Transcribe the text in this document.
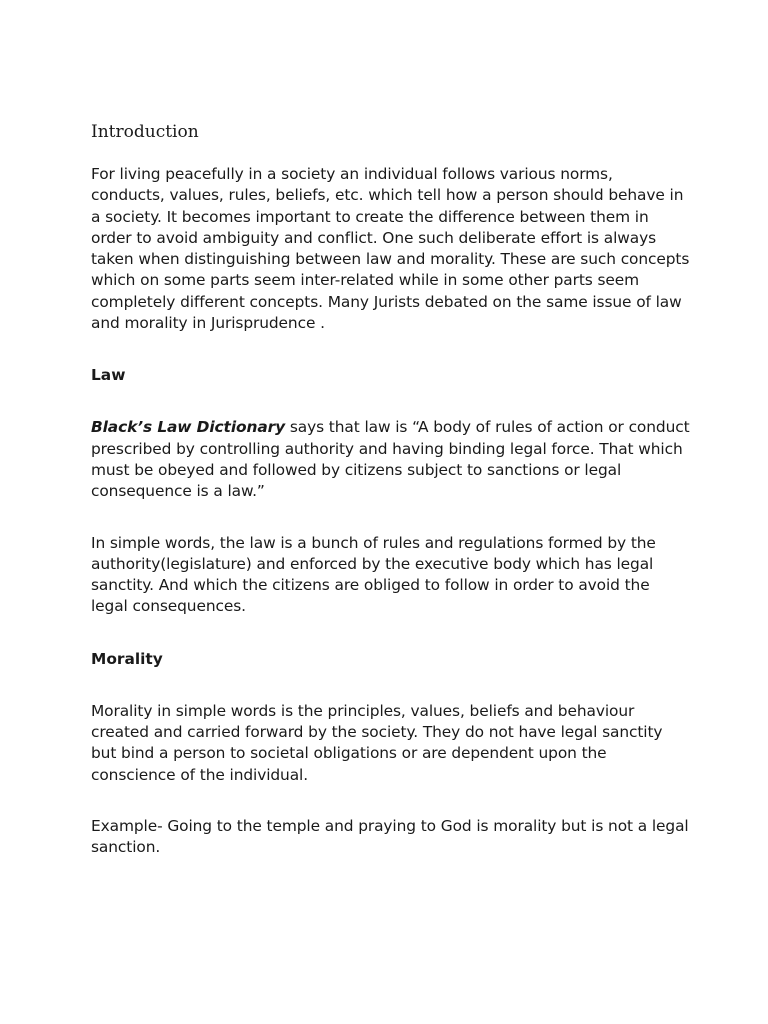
Introduction

For living peacefully in a society an individual follows various norms, conducts, values, rules, beliefs, etc. which tell how a person should behave in a society. It becomes important to create the difference between them in order to avoid ambiguity and conflict. One such deliberate effort is always taken when distinguishing between law and morality. These are such concepts which on some parts seem inter-related while in some other parts seem completely different concepts. Many Jurists debated on the same issue of law and morality in Jurisprudence .

Law

Black’s Law Dictionary says that law is “A body of rules of action or conduct prescribed by controlling authority and having binding legal force. That which must be obeyed and followed by citizens subject to sanctions or legal consequence is a law.”

In simple words, the law is a bunch of rules and regulations formed by the authority(legislature) and enforced by the executive body which has legal sanctity. And which the citizens are obliged to follow in order to avoid the legal consequences.

Morality

Morality in simple words is the principles, values, beliefs and behaviour created and carried forward by the society. They do not have legal sanctity but bind a person to societal obligations or are dependent upon the conscience of the individual.

Example- Going to the temple and praying to God is morality but is not a legal sanction.
